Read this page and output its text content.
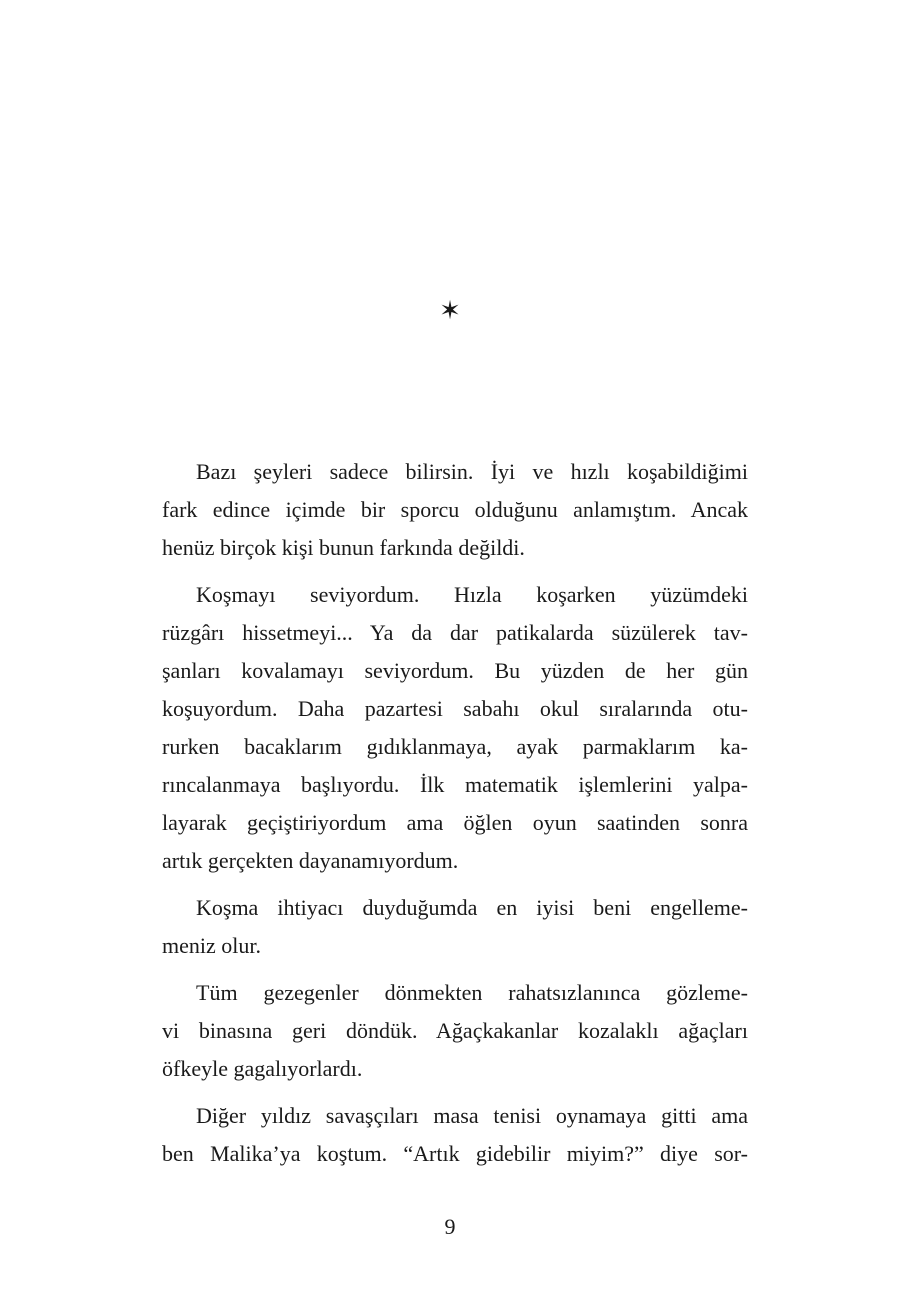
✶
Bazı şeyleri sadece bilirsin. İyi ve hızlı koşabildiğimi
fark edince içimde bir sporcu olduğunu anlamıştım. Ancak
henüz birçok kişi bunun farkında değildi.
Koşmayı seviyordum. Hızla koşarken yüzümdeki
rüzgârı hissetmeyi... Ya da dar patikalarda süzülerek tav-
şanları kovalamayı seviyordum. Bu yüzden de her gün
koşuyordum. Daha pazartesi sabahı okul sıralarında otu-
rurken bacaklarım gıdıklanmaya, ayak parmaklarım ka-
rıncalanmaya başlıyordu. İlk matematik işlemlerini yalpa-
layarak geçiştiriyordum ama öğlen oyun saatinden sonra
artık gerçekten dayanamıyordum.
Koşma ihtiyacı duyduğumda en iyisi beni engelleme-
meniz olur.
Tüm gezegenler dönmekten rahatsızlanınca gözleme-
vi binasına geri döndük. Ağaçkakanlar kozalaklı ağaçları
öfkeyle gagalıyorlardı.
Diğer yıldız savaşçıları masa tenisi oynamaya gitti ama
ben Malika’ya koştum. “Artık gidebilir miyim?” diye sor-
9
